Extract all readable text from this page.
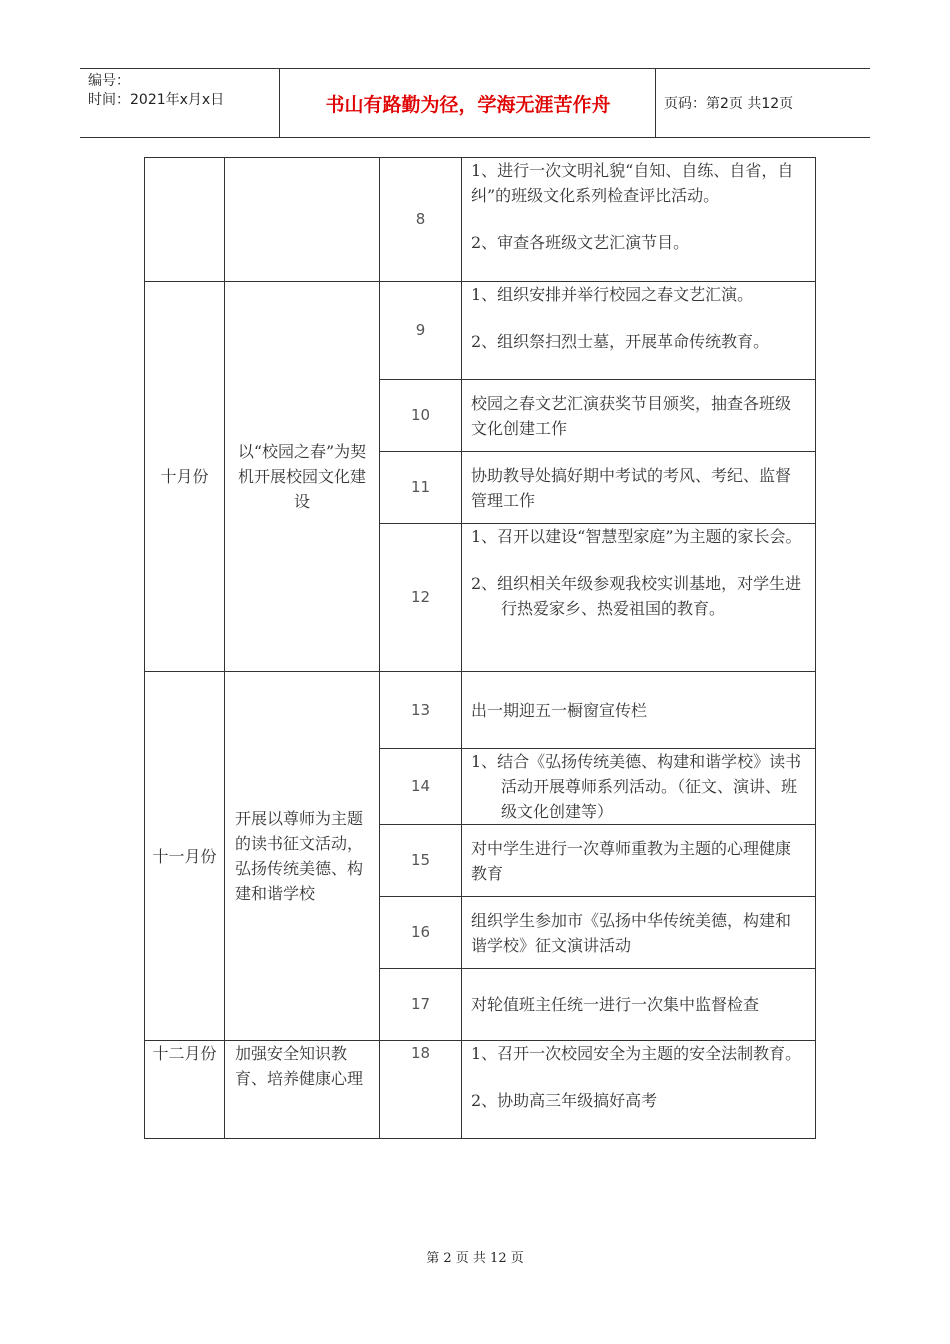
编号：
时间：2021年x月x日	书山有路勤为径，学海无涯苦作舟	页码：第2页 共12页
		8	1、进行一次文明礼貌“自知、自练、自省，自纠”的班级文化系列检查评比活动。
2、审查各班级文艺汇演节目。

十月份	以“校园之春”为契机开展校园文化建设	9	1、组织安排并举行校园之春文艺汇演。
2、组织祭扫烈士墓，开展革命传统教育。

		10	校园之春文艺汇演获奖节目颁奖，抽查各班级文化创建工作

		11	协助教导处搞好期中考试的考风、考纪、监督管理工作

		12	1、召开以建设“智慧型家庭”为主题的家长会。
2、组织相关年级参观我校实训基地，对学生进行热爱家乡、热爱祖国的教育。

十一月份	开展以尊师为主题的读书征文活动，弘扬传统美德、构建和谐学校	13	出一期迎五一橱窗宣传栏

		14	1、结合《弘扬传统美德、构建和谐学校》读书活动开展尊师系列活动。（征文、演讲、班级文化创建等）

		15	对中学生进行一次尊师重教为主题的心理健康教育

		16	组织学生参加市《弘扬中华传统美德，构建和谐学校》征文演讲活动

		17	对轮值班主任统一进行一次集中监督检查

十二月份	加强安全知识教育、培养健康心理	18	1、召开一次校园安全为主题的安全法制教育。
2、协助高三年级搞好高考
第 2 页 共 12 页
